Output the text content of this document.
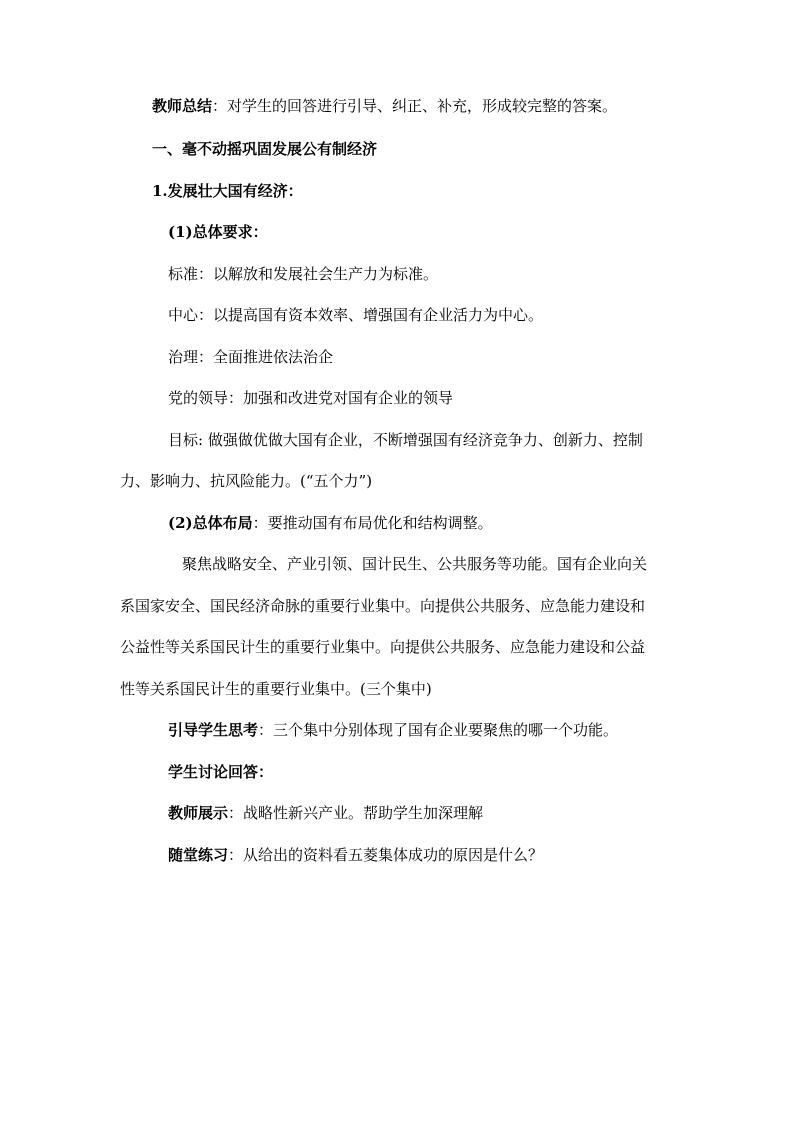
教师总结：对学生的回答进行引导、纠正、补充，形成较完整的答案。
一、毫不动摇巩固发展公有制经济
1.发展壮大国有经济：
(1)总体要求：
标准：以解放和发展社会生产力为标准。
中心：以提高国有资本效率、增强国有企业活力为中心。
治理：全面推进依法治企
党的领导：加强和改进党对国有企业的领导
目标: 做强做优做大国有企业，不断增强国有经济竞争力、创新力、控制
力、影响力、抗风险能力。(“五个力”)
(2)总体布局：要推动国有布局优化和结构调整。
聚焦战略安全、产业引领、国计民生、公共服务等功能。国有企业向关
系国家安全、国民经济命脉的重要行业集中。向提供公共服务、应急能力建设和
公益性等关系国民计生的重要行业集中。向提供公共服务、应急能力建设和公益
性等关系国民计生的重要行业集中。(三个集中)
引导学生思考：三个集中分别体现了国有企业要聚焦的哪一个功能。
学生讨论回答：
教师展示：战略性新兴产业。帮助学生加深理解
随堂练习：从给出的资料看五菱集体成功的原因是什么？
